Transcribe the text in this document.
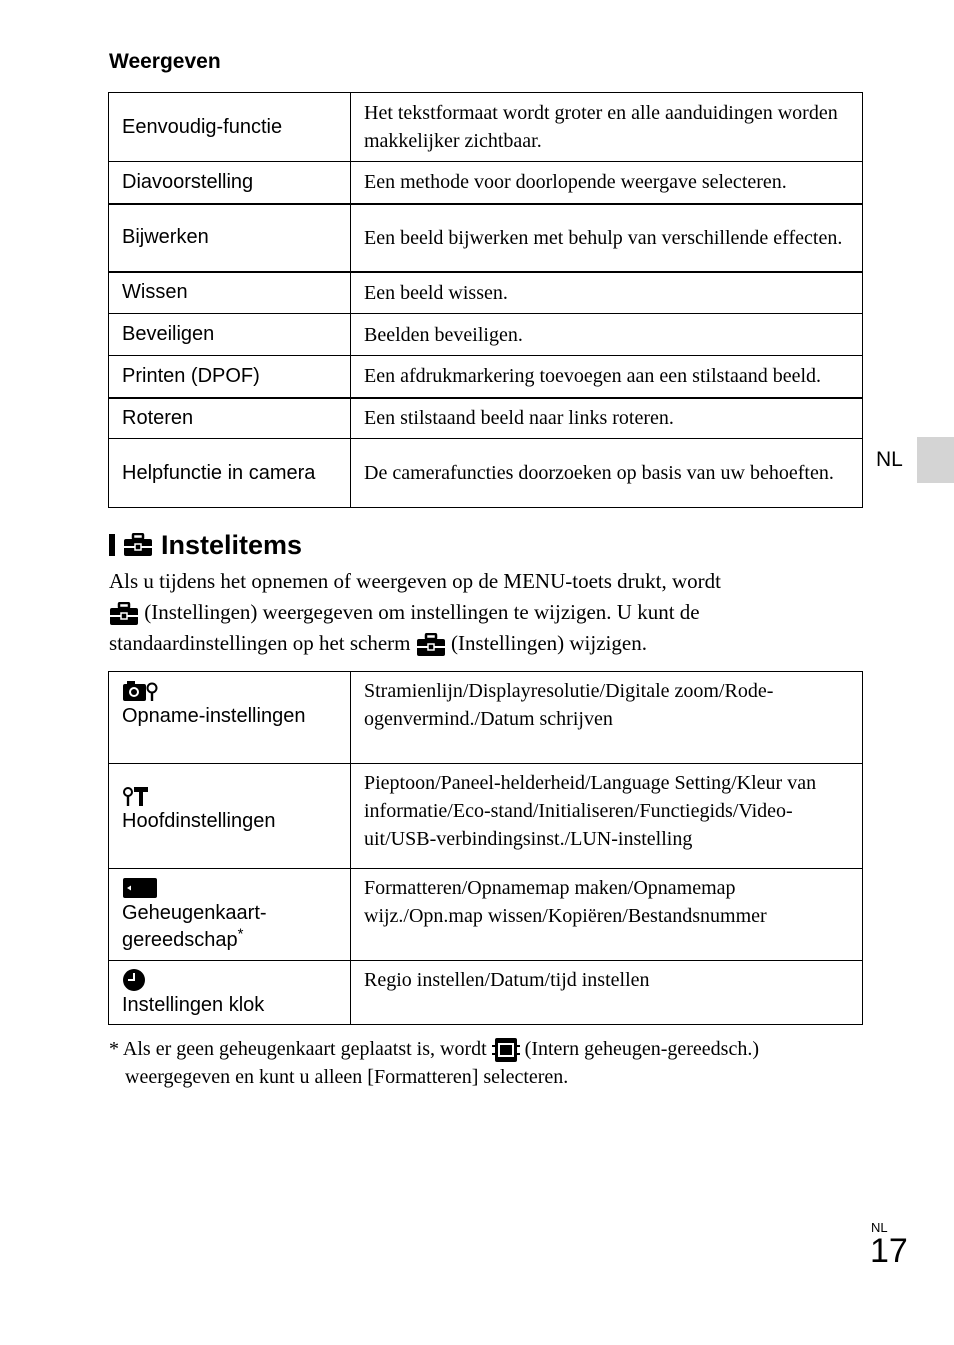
Weergeven
Eenvoudig-functie	Het tekstformaat wordt groter en alle aanduidingen worden makkelijker zichtbaar.
Diavoorstelling	Een methode voor doorlopende weergave selecteren.
Bijwerken	Een beeld bijwerken met behulp van verschillende effecten.
Wissen	Een beeld wissen.
Beveiligen	Beelden beveiligen.
Printen (DPOF)	Een afdrukmarkering toevoegen aan een stilstaand beeld.
Roteren	Een stilstaand beeld naar links roteren.
Helpfunctie in camera	De camerafuncties doorzoeken op basis van uw behoeften.
NL
Instelitems
Als u tijdens het opnemen of weergeven op de MENU-toets drukt, wordt
(Instellingen) weergegeven om instellingen te wijzigen. U kunt de standaardinstellingen op het scherm (Instellingen) wijzigen.
Opname-instellingen	Stramienlijn/Displayresolutie/Digitale zoom/Rode-ogenvermind./Datum schrijven

Hoofdinstellingen	Pieptoon/Paneel-helderheid/Language Setting/Kleur van informatie/Eco-stand/Initialiseren/Functiegids/Video-uit/USB-verbindingsinst./LUN-instelling

Geheugenkaart-gereedschap*	Formatteren/Opnamemap maken/Opnamemap wijz./Opn.map wissen/Kopiëren/Bestandsnummer

Instellingen klok	Regio instellen/Datum/tijd instellen
* Als er geen geheugenkaart geplaatst is, wordt (Intern geheugen-gereedsch.)
weergegeven en kunt u alleen [Formatteren] selecteren.
NL
17
